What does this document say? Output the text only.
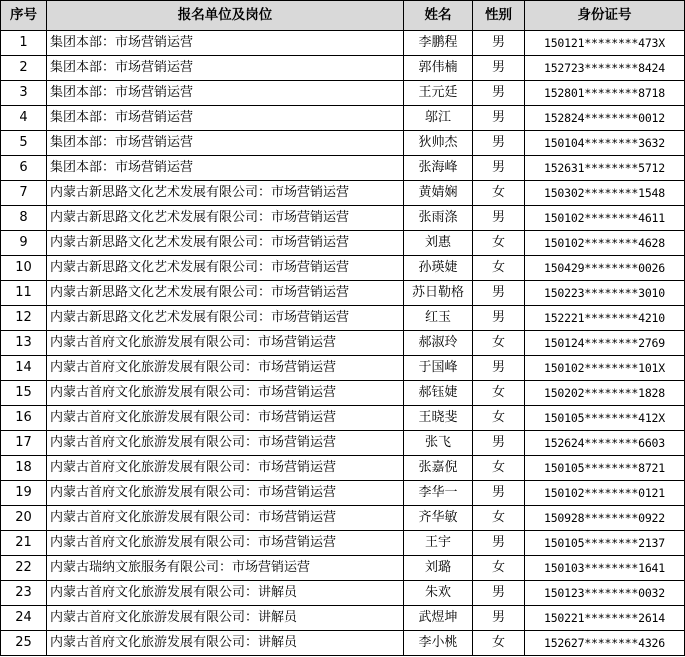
序号	报名单位及岗位	姓名	性别	身份证号
1	集团本部：市场营销运营	李鹏程	男	150121********473X
2	集团本部：市场营销运营	郭伟楠	男	152723********8424
3	集团本部：市场营销运营	王元廷	男	152801********8718
4	集团本部：市场营销运营	邬江	男	152824********0012
5	集团本部：市场营销运营	狄帅杰	男	150104********3632
6	集团本部：市场营销运营	张海峰	男	152631********5712
7	内蒙古新思路文化艺术发展有限公司：市场营销运营	黄婧娴	女	150302********1548
8	内蒙古新思路文化艺术发展有限公司：市场营销运营	张雨涤	男	150102********4611
9	内蒙古新思路文化艺术发展有限公司：市场营销运营	刘惠	女	150102********4628
10	内蒙古新思路文化艺术发展有限公司：市场营销运营	孙瑛婕	女	150429********0026
11	内蒙古新思路文化艺术发展有限公司：市场营销运营	苏日勒格	男	150223********3010
12	内蒙古新思路文化艺术发展有限公司：市场营销运营	红玉	男	152221********4210
13	内蒙古首府文化旅游发展有限公司：市场营销运营	郝淑玲	女	150124********2769
14	内蒙古首府文化旅游发展有限公司：市场营销运营	于国峰	男	150102********101X
15	内蒙古首府文化旅游发展有限公司：市场营销运营	郝钰婕	女	150202********1828
16	内蒙古首府文化旅游发展有限公司：市场营销运营	王晓斐	女	150105********412X
17	内蒙古首府文化旅游发展有限公司：市场营销运营	张飞	男	152624********6603
18	内蒙古首府文化旅游发展有限公司：市场营销运营	张嘉倪	女	150105********8721
19	内蒙古首府文化旅游发展有限公司：市场营销运营	李华一	男	150102********0121
20	内蒙古首府文化旅游发展有限公司：市场营销运营	齐华敏	女	150928********0922
21	内蒙古首府文化旅游发展有限公司：市场营销运营	王宇	男	150105********2137
22	内蒙古瑞纳文旅服务有限公司：市场营销运营	刘璐	女	150103********1641
23	内蒙古首府文化旅游发展有限公司：讲解员	朱欢	男	150123********0032
24	内蒙古首府文化旅游发展有限公司：讲解员	武煜坤	男	150221********2614
25	内蒙古首府文化旅游发展有限公司：讲解员	李小桃	女	152627********4326
